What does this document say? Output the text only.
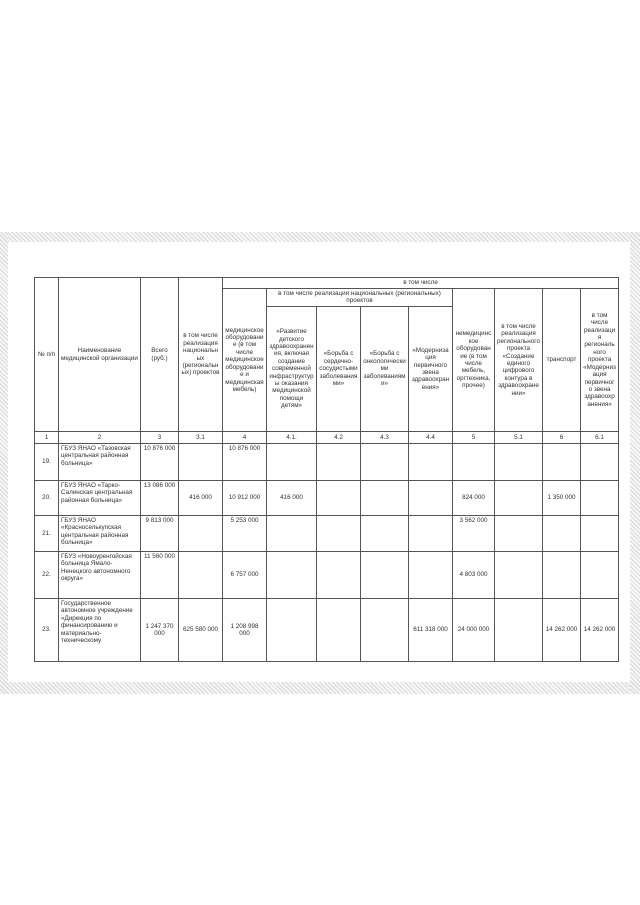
№ п/п	Наименование медицинской организации	Всего (руб.)	в том числе реализация национальных (региональных) проектов	в том числе								
				медицинское оборудование (в том числе медицинское оборудование и медицинская мебель)	в том числе реализация национальных (региональных) проектов				немедицинское оборудование (в том числе мебель, оргтехника, прочее)	в том числе реализация регионального проекта «Создание единого цифрового контура в здравоохранении»	транспорт	в том числе реализация регионального проекта «Модернизация первичного звена здравоохранения»
					«Развитие детского здравоохранения, включая создание современной инфраструктуры оказания медицинской помощи детям»	«Борьба с сердечно-сосудистыми заболеваниями»	«Борьба с онкологическими заболеваниями»	«Модернизация первичного звена здравоохранения»				
1	2	3	3.1	4	4.1.	4.2	4.3	4.4	5	5.1	6	6.1
19.	ГБУЗ ЯНАО «Тазовская центральная районная больница»	10 876 000		10 876 000								
20.	ГБУЗ ЯНАО «Тарко-Салинская центральная районная больница»	13 086 000	416 000	10 912 000	416 000				824 000		1 350 000	
21.	ГБУЗ ЯНАО «Красноселькупская центральная районная больница»	9 813 000		5 253 000					3 562 000			
22.	ГБУЗ «Новоуренгойская больница Ямало-Ненецкого автономного округа»	11 560 000		6 757 000					4 803 000			
23.	Государственное автономное учреждение «Дирекция по финансированию и материально-техническому	1 247 370 000	625 580 000	1 208 998 000				611 318 000	24 000 000		14 262 000	14 262 000
